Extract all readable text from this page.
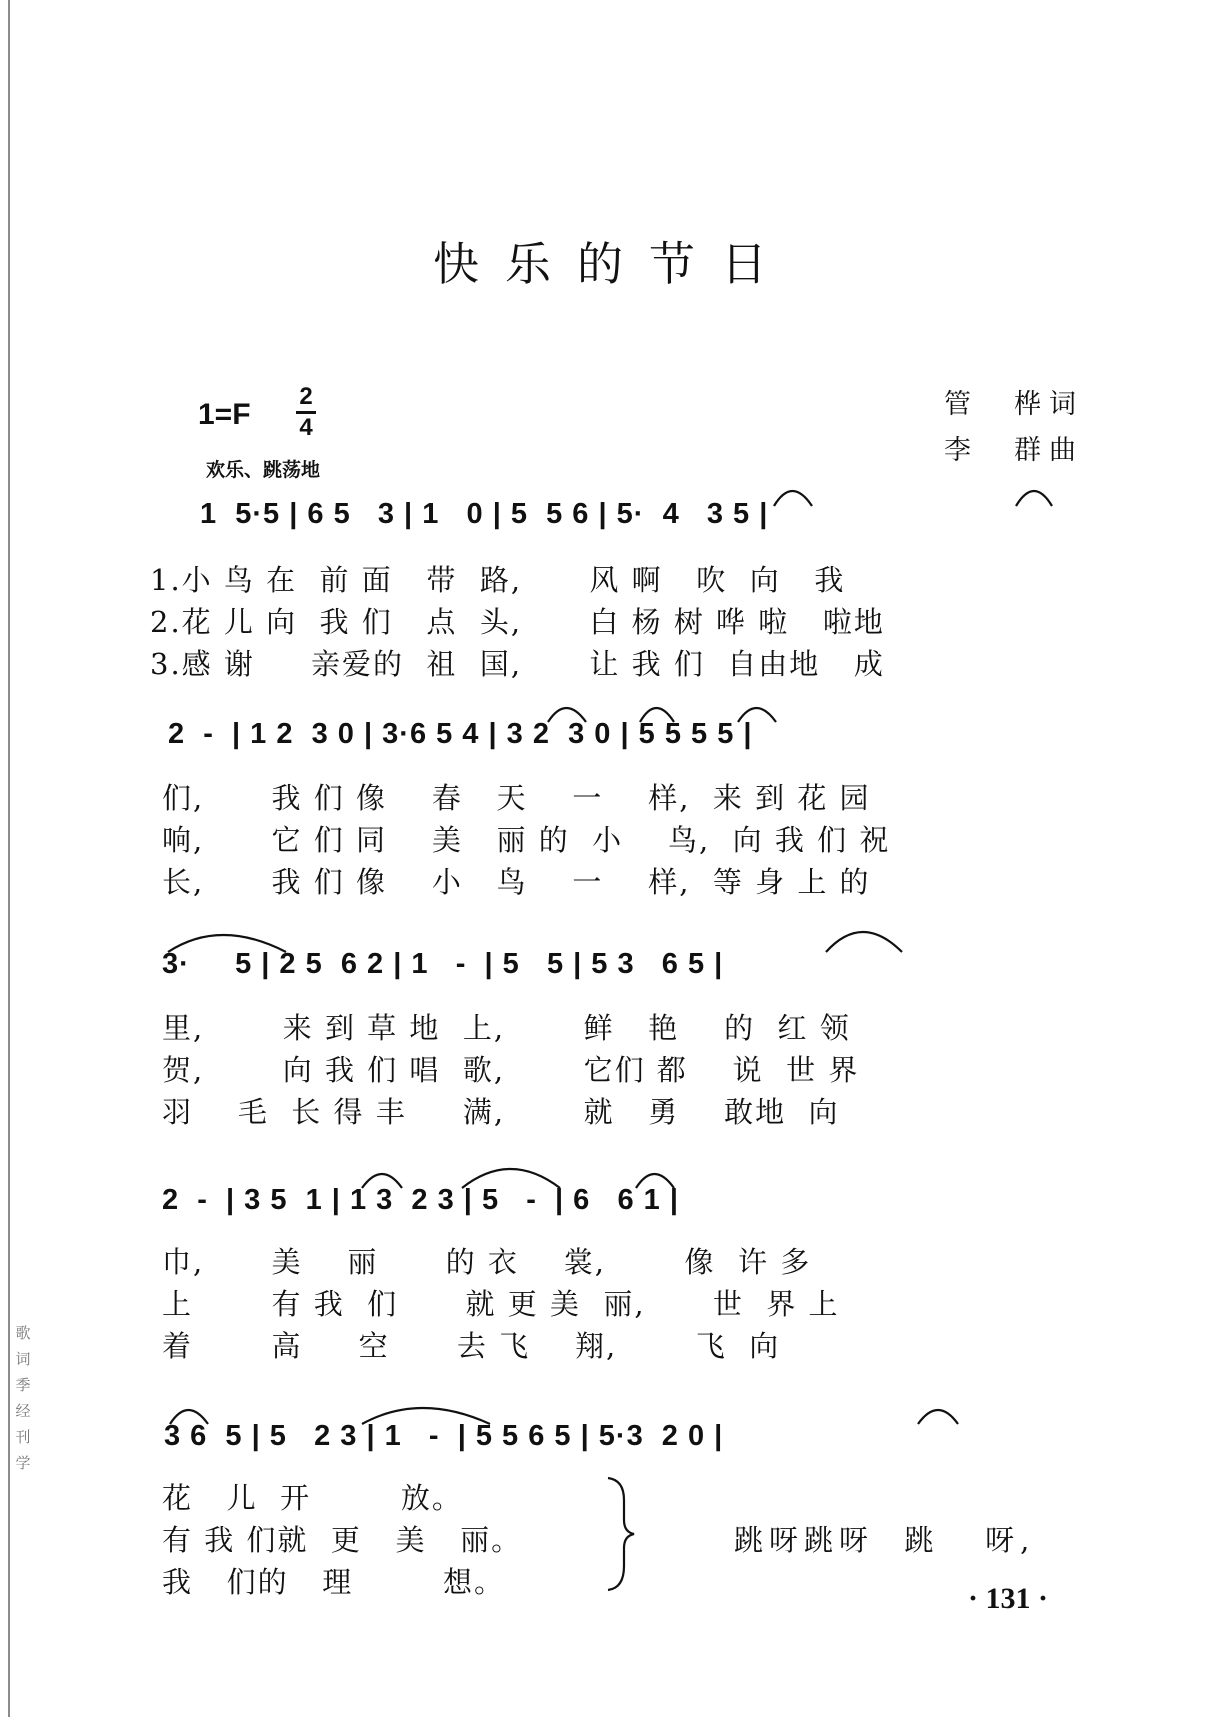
快乐的节日
1=F
2
4
欢乐、跳荡地
管　桦词
李　群曲
1  5·5 | 6 5   3 | 1   0 | 5  5 6 | 5·  4   3 5 |
1.小 鸟 在  前 面   带  路,      风 啊   吹  向   我
2.花 儿 向  我 们   点  头,      白 杨 树 哗 啦   啦地
3.感 谢     亲爱的  祖  国,      让 我 们  自由地   成
2  -  | 1 2  3 0 | 3·6 5 4 | 3 2  3 0 | 5 5 5 5 |
们,      我 们 像    春   天    一    样,  来 到 花 园
响,      它 们 同    美   丽 的  小    鸟,  向 我 们 祝
长,      我 们 像    小   鸟    一    样,  等 身 上 的
3·     5 | 2 5  6 2 | 1   -  | 5   5 | 5 3   6 5 |
里,       来 到 草 地  上,       鲜   艳    的  红 领
贺,       向 我 们 唱  歌,       它们 都    说  世 界
羽    毛  长 得 丰     满,       就   勇    敢地  向
2  -  | 3 5  1 | 1 3  2 3 | 5   -  | 6   6 1 |
巾,      美    丽      的 衣    裳,       像  许 多
上       有 我  们      就 更 美  丽,      世  界 上
着       高     空      去 飞    翔,       飞  向
3 6  5 | 5   2 3 | 1   -  | 5 5 6 5 | 5·3  2 0 |
花   儿  开        放。
有 我 们就  更   美   丽。
我   们的   理        想。
跳呀跳呀  跳   呀,
· 131 ·
歌 词 季 经 刊 学
